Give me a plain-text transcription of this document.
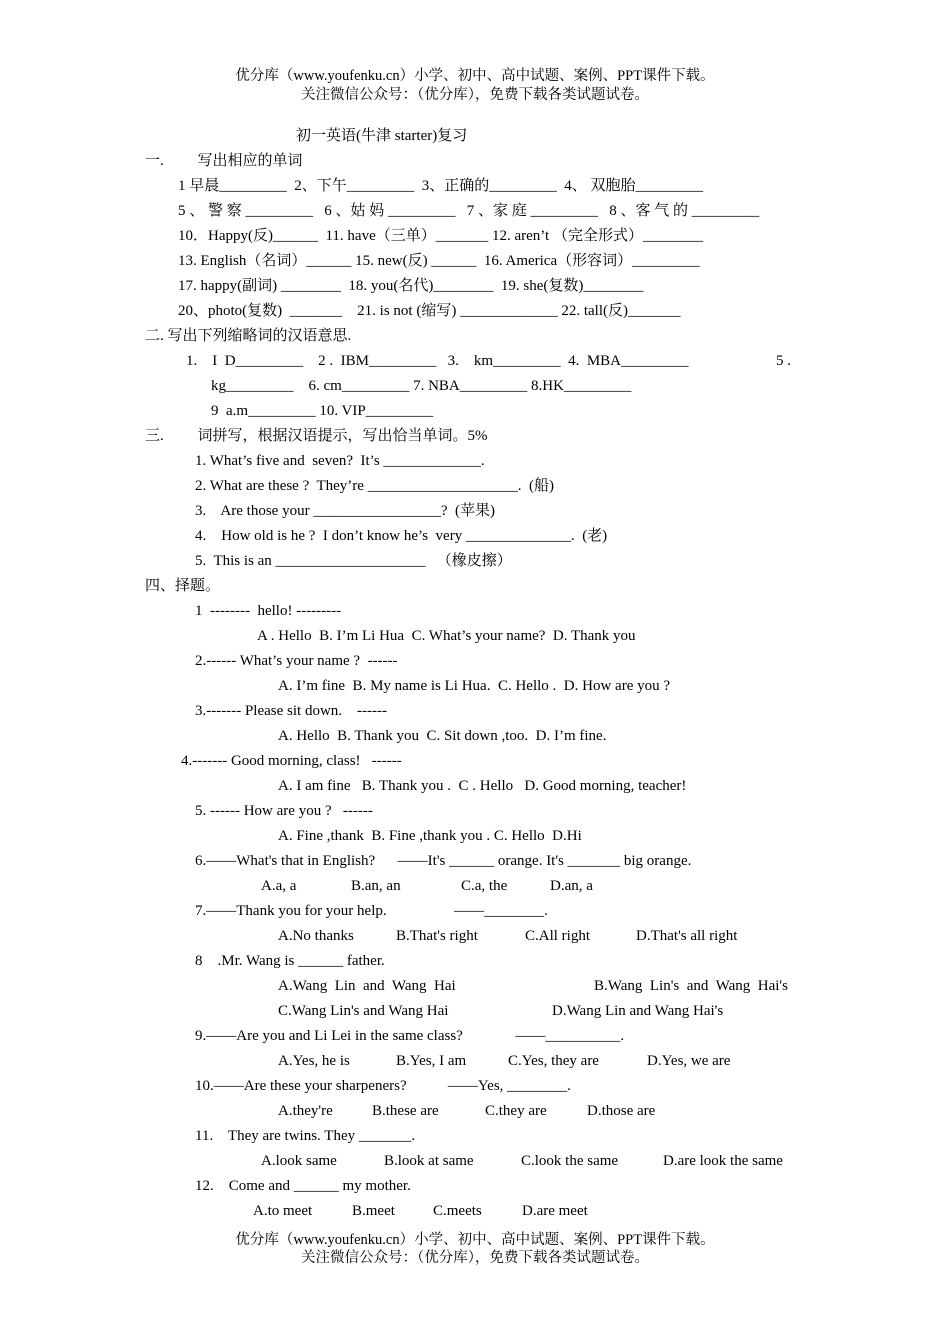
优分库（www.youfenku.cn）小学、初中、高中试题、案例、PPT课件下载。
关注微信公众号：（优分库），免费下载各类试题试卷。
初一英语(牛津 starter)复习
一.         写出相应的单词
1 早晨_________  2、下午_________  3、正确的_________  4、 双胞胎_________
5 、 警 察 _________   6 、姑 妈 _________   7 、家 庭 _________   8 、客 气 的 _________
10．Happy(反)______  11. have（三单）_______ 12. aren’t （完全形式）________
13. English（名词）______ 15. new(反) ______  16. America（形容词）_________
17. happy(副词) ________  18. you(名代)________  19. she(复数)________
20、photo(复数)  _______    21. is not (缩写) _____________ 22. tall(反)_______
二. 写出下列缩略词的汉语意思.
1.    I  D_________    2 .  IBM_________   3.    km_________  4.  MBA_________	5 .
kg_________    6. cm_________ 7. NBA_________ 8.HK_________
9  a.m_________ 10. VIP_________
三.         词拼写，根据汉语提示，写出恰当单词。5%
1. What’s five and  seven?  It’s _____________.
2. What are these ?  They’re ____________________.  (船)
3.    Are those your _________________?  (苹果)
4.    How old is he ?  I don’t know he’s  very ______________.  (老)
5.  This is an ____________________   （橡皮擦）
四、择题。
1  --------  hello! ---------
A . Hello  B. I’m Li Hua  C. What’s your name?  D. Thank you
2.------ What’s your name ?  ------
A. I’m fine  B. My name is Li Hua.  C. Hello .  D. How are you ?
3.------- Please sit down.    ------
A. Hello  B. Thank you  C. Sit down ,too.  D. I’m fine.
4.------- Good morning, class!   ------
A. I am fine   B. Thank you .  C . Hello   D. Good morning, teacher!
5. ------ How are you ?   ------
A. Fine ,thank  B. Fine ,thank you . C. Hello  D.Hi
6.——What's that in English?      ——It's ______ orange. It's _______ big orange.
A.a, a	B.an, an	C.a, the	D.an, a
7.——Thank you for your help.                  ——________.
A.No thanks	B.That's right	C.All right	D.That's all right
8    .Mr. Wang is ______ father.
A.Wang  Lin  and  Wang  Hai	B.Wang  Lin's  and  Wang  Hai's
C.Wang Lin's and Wang Hai	D.Wang Lin and Wang Hai's
9.——Are you and Li Lei in the same class?              ——__________.
A.Yes, he is	B.Yes, I am	C.Yes, they are	D.Yes, we are
10.——Are these your sharpeners?           ——Yes, ________.
A.they're	B.these are	C.they are	D.those are
11.    They are twins. They _______.
A.look same	B.look at same	C.look the same	D.are look the same
12.    Come and ______ my mother.
A.to meet	B.meet	C.meets	D.are meet
优分库（www.youfenku.cn）小学、初中、高中试题、案例、PPT课件下载。
关注微信公众号：（优分库），免费下载各类试题试卷。
